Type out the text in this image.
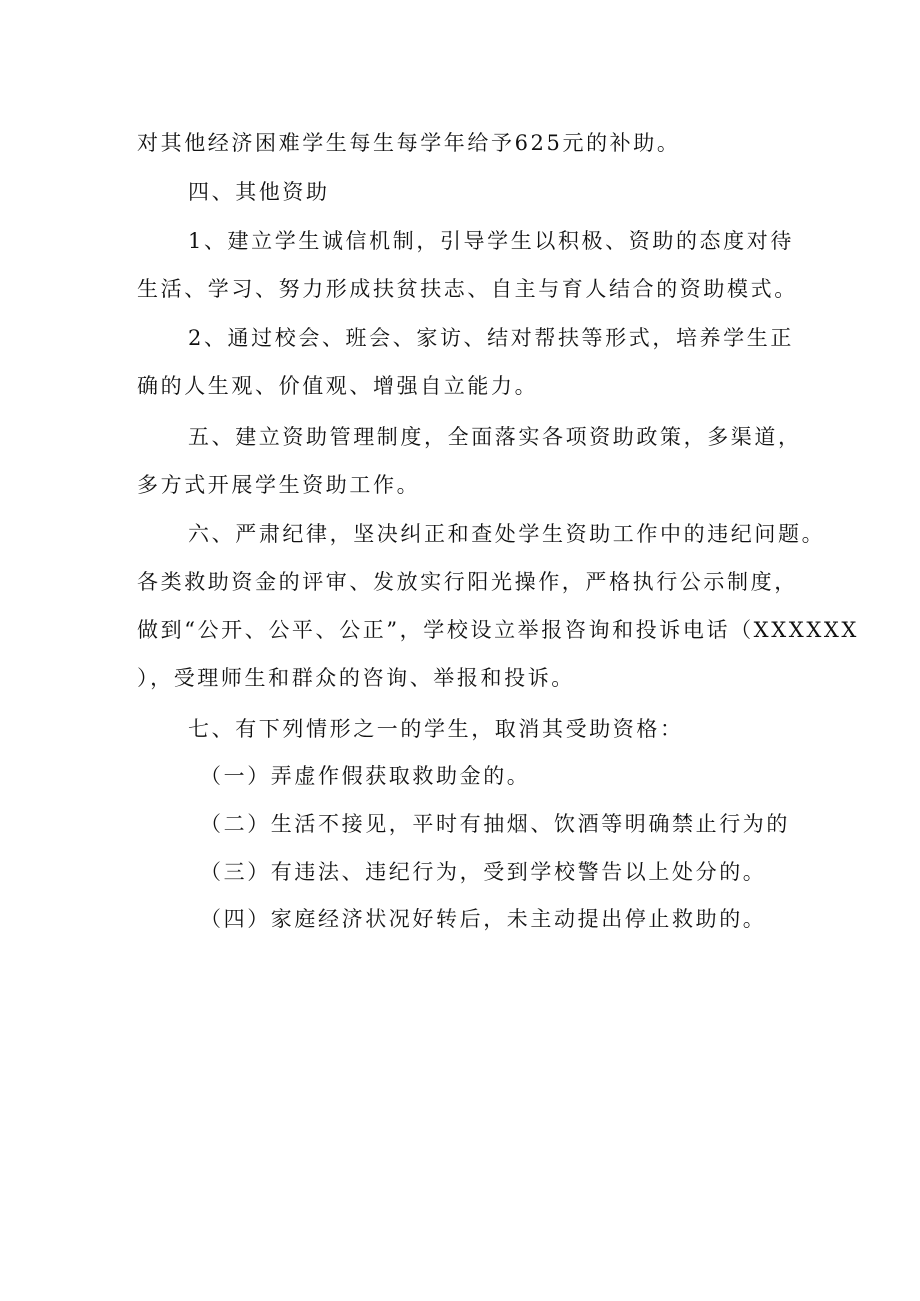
对其他经济困难学生每生每学年给予625元的补助。
四、其他资助
1、建立学生诚信机制，引导学生以积极、资助的态度对待
生活、学习、努力形成扶贫扶志、自主与育人结合的资助模式。
2、通过校会、班会、家访、结对帮扶等形式，培养学生正
确的人生观、价值观、增强自立能力。
五、建立资助管理制度，全面落实各项资助政策，多渠道，
多方式开展学生资助工作。
六、严肃纪律，坚决纠正和查处学生资助工作中的违纪问题。
各类救助资金的评审、发放实行阳光操作，严格执行公示制度，
做到“公开、公平、公正”，学校设立举报咨询和投诉电话（XXXXXX
），受理师生和群众的咨询、举报和投诉。
七、有下列情形之一的学生，取消其受助资格：
（一）弄虚作假获取救助金的。
（二）生活不接见，平时有抽烟、饮酒等明确禁止行为的
（三）有违法、违纪行为，受到学校警告以上处分的。
（四）家庭经济状况好转后，未主动提出停止救助的。
